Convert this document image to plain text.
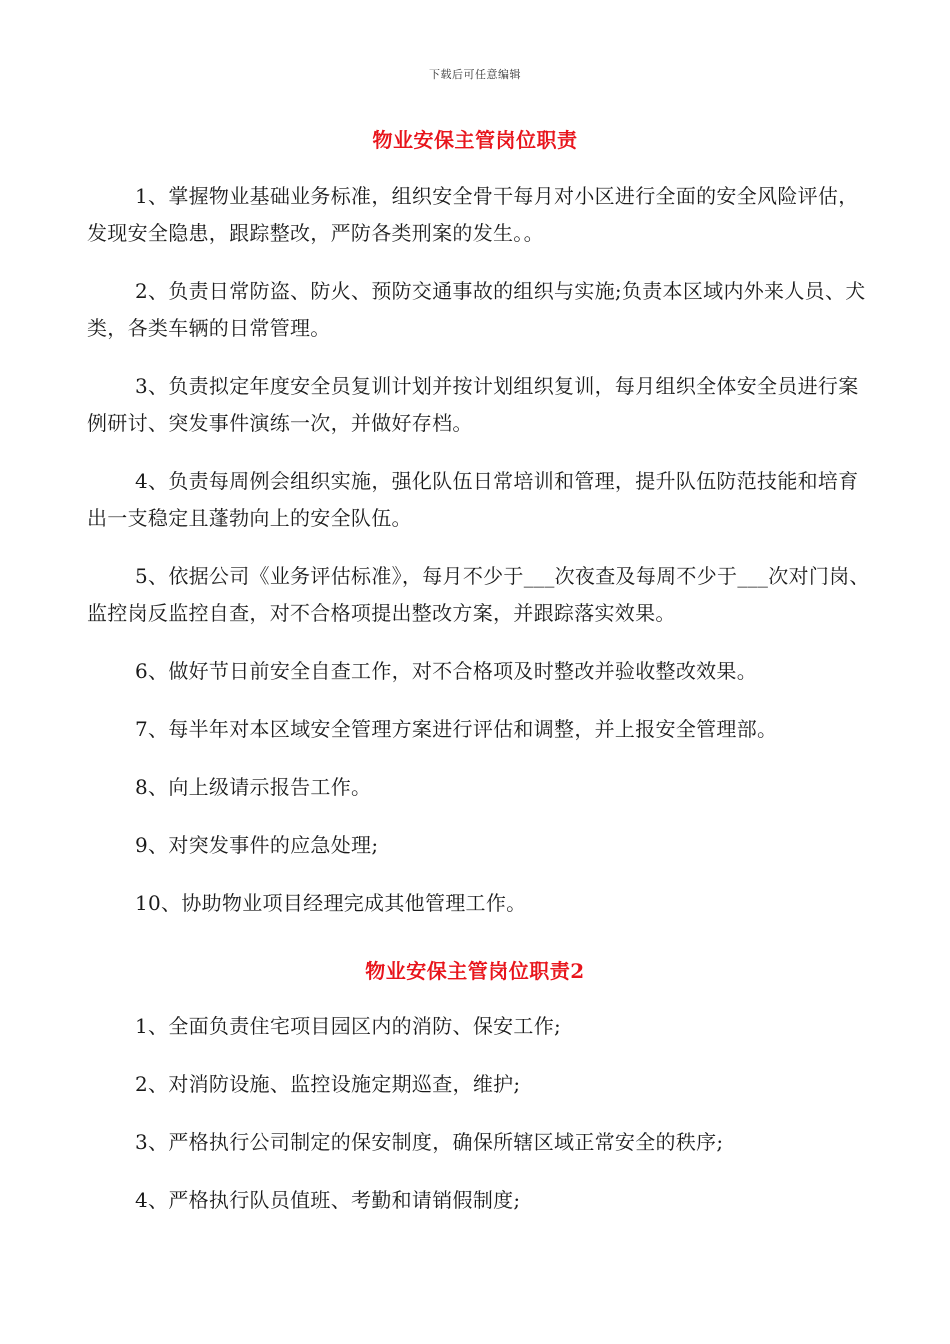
下载后可任意编辑
物业安保主管岗位职责

1、掌握物业基础业务标准，组织安全骨干每月对小区进行全面的安全风险评估，发现安全隐患，跟踪整改，严防各类刑案的发生。。

2、负责日常防盗、防火、预防交通事故的组织与实施;负责本区域内外来人员、犬类，各类车辆的日常管理。

3、负责拟定年度安全员复训计划并按计划组织复训，每月组织全体安全员进行案例研讨、突发事件演练一次，并做好存档。

4、负责每周例会组织实施，强化队伍日常培训和管理，提升队伍防范技能和培育出一支稳定且蓬勃向上的安全队伍。

5、依据公司《业务评估标准》，每月不少于___次夜查及每周不少于___次对门岗、监控岗反监控自查，对不合格项提出整改方案，并跟踪落实效果。

6、做好节日前安全自查工作，对不合格项及时整改并验收整改效果。

7、每半年对本区域安全管理方案进行评估和调整，并上报安全管理部。

8、向上级请示报告工作。

9、对突发事件的应急处理;

10、协助物业项目经理完成其他管理工作。

物业安保主管岗位职责2

1、全面负责住宅项目园区内的消防、保安工作;

2、对消防设施、监控设施定期巡查，维护;

3、严格执行公司制定的保安制度，确保所辖区域正常安全的秩序;

4、严格执行队员值班、考勤和请销假制度;
